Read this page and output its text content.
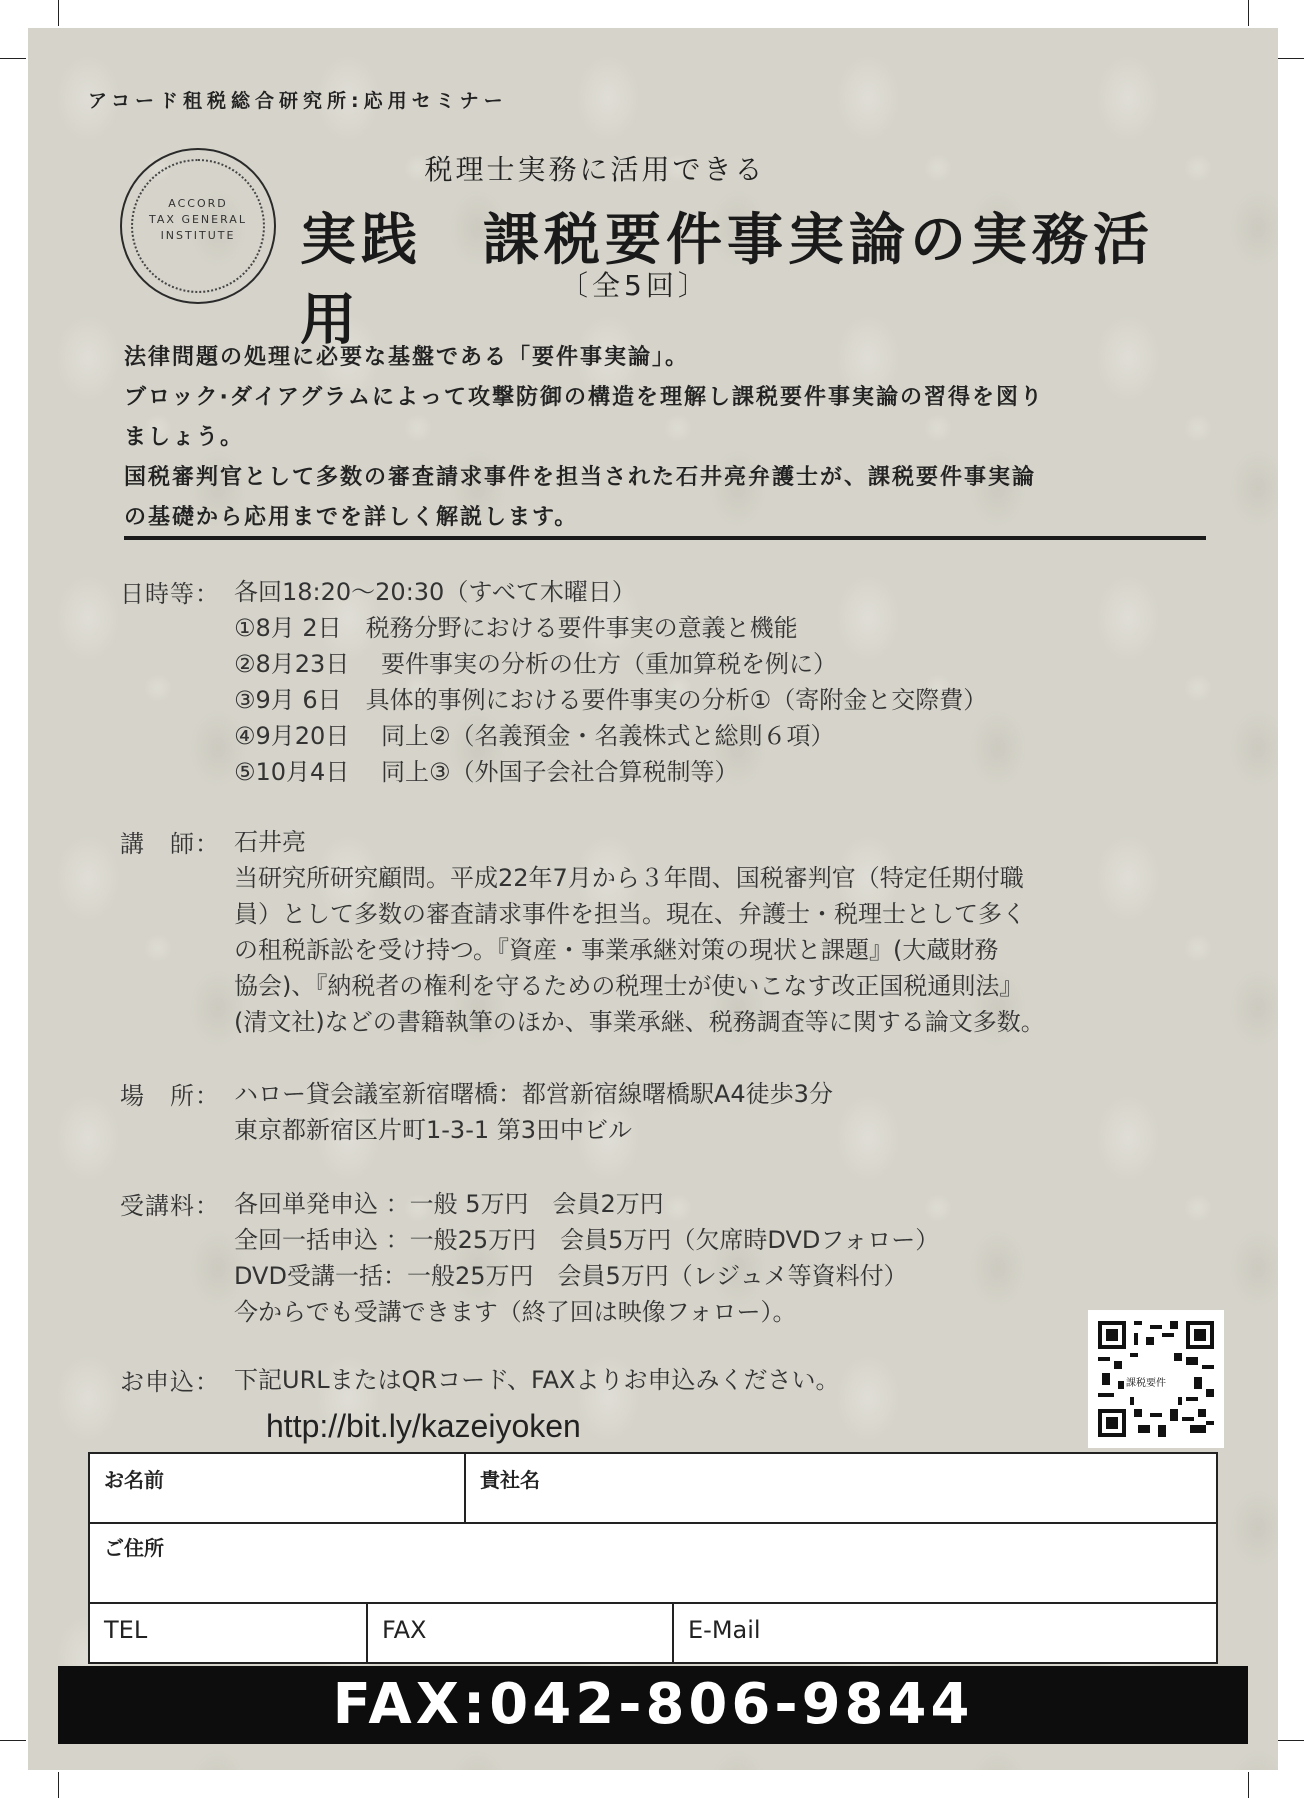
アコード租税総合研究所:応用セミナー
ACCORD
TAX GENERAL
INSTITUTE
税理士実務に活用できる
実践　課税要件事実論の実務活用
〔全5回〕
法律問題の処理に必要な基盤である「要件事実論」。
ブロック·ダイアグラムによって攻撃防御の構造を理解し課税要件事実論の習得を図り
ましょう。
国税審判官として多数の審査請求事件を担当された石井亮弁護士が、課税要件事実論
の基礎から応用までを詳しく解説します。
日時等： 各回18:20～20:30（すべて木曜日）
①8月 2日　税務分野における要件事実の意義と機能
②8月23日　 要件事実の分析の仕方（重加算税を例に）
③9月 6日　具体的事例における要件事実の分析①（寄附金と交際費）
④9月20日　 同上②（名義預金・名義株式と総則６項）
⑤10月4日　 同上③（外国子会社合算税制等）
講　師： 石井亮
当研究所研究顧問。平成22年7月から３年間、国税審判官（特定任期付職
員）として多数の審査請求事件を担当。現在、弁護士・税理士として多く
の租税訴訟を受け持つ。『資産・事業承継対策の現状と課題』(大蔵財務
協会)、『納税者の権利を守るための税理士が使いこなす改正国税通則法』
(清文社)などの書籍執筆のほか、事業承継、税務調査等に関する論文多数。
場　所： ハロー貸会議室新宿曙橋：都営新宿線曙橋駅A4徒歩3分
東京都新宿区片町1-3-1 第3田中ビル
受講料： 各回単発申込 ：一般 5万円　会員2万円
全回一括申込 ：一般25万円　会員5万円（欠席時DVDフォロー）
DVD受講一括：一般25万円　会員5万円（レジュメ等資料付）
今からでも受講できます（終了回は映像フォロー）。
お申込： 下記URLまたはQRコード、FAXよりお申込みください。
http://bit.ly/kazeiyoken
課税要件
お名前	貴社名
ご住所
TEL	FAX	E-Mail
FAX:042-806-9844
